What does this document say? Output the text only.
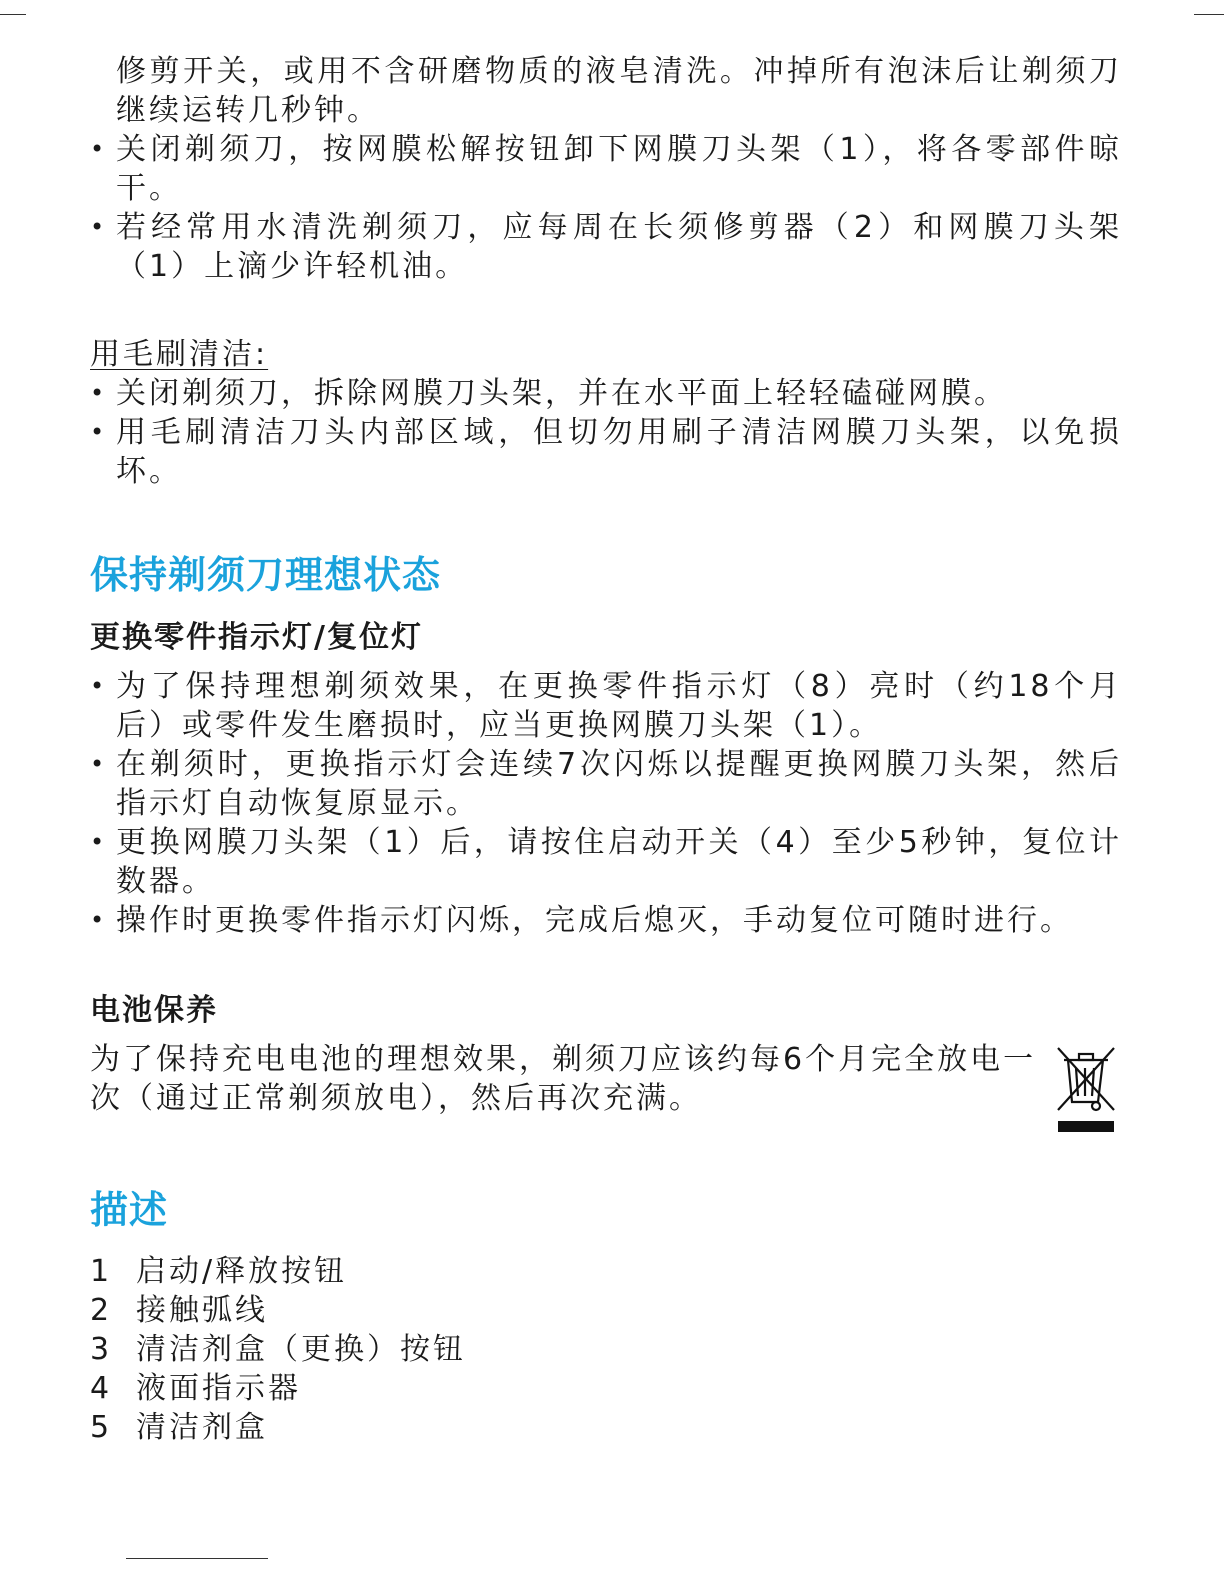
修剪开关，或用不含研磨物质的液皂清洗。冲掉所有泡沫后让剃须刀继续运转几秒钟。

• 关闭剃须刀，按网膜松解按钮卸下网膜刀头架（1），将各零部件晾干。
• 若经常用水清洗剃须刀，应每周在长须修剪器（2）和网膜刀头架（1）上滴少许轻机油。
用毛刷清洁:
• 关闭剃须刀，拆除网膜刀头架，并在水平面上轻轻磕碰网膜。
• 用毛刷清洁刀头内部区域，但切勿用刷子清洁网膜刀头架，以免损坏。
保持剃须刀理想状态
更换零件指示灯/复位灯
• 为了保持理想剃须效果，在更换零件指示灯（8）亮时（约18个月后）或零件发生磨损时，应当更换网膜刀头架（1）。
• 在剃须时，更换指示灯会连续7次闪烁以提醒更换网膜刀头架，然后指示灯自动恢复原显示。
• 更换网膜刀头架（1）后，请按住启动开关（4）至少5秒钟，复位计数器。
• 操作时更换零件指示灯闪烁，完成后熄灭，手动复位可随时进行。
电池保养

为了保持充电电池的理想效果，剃须刀应该约每6个月完全放电一次（通过正常剃须放电），然后再次充满。

描述
1 启动/释放按钮
2 接触弧线
3 清洁剂盒（更换）按钮
4 液面指示器
5 清洁剂盒
